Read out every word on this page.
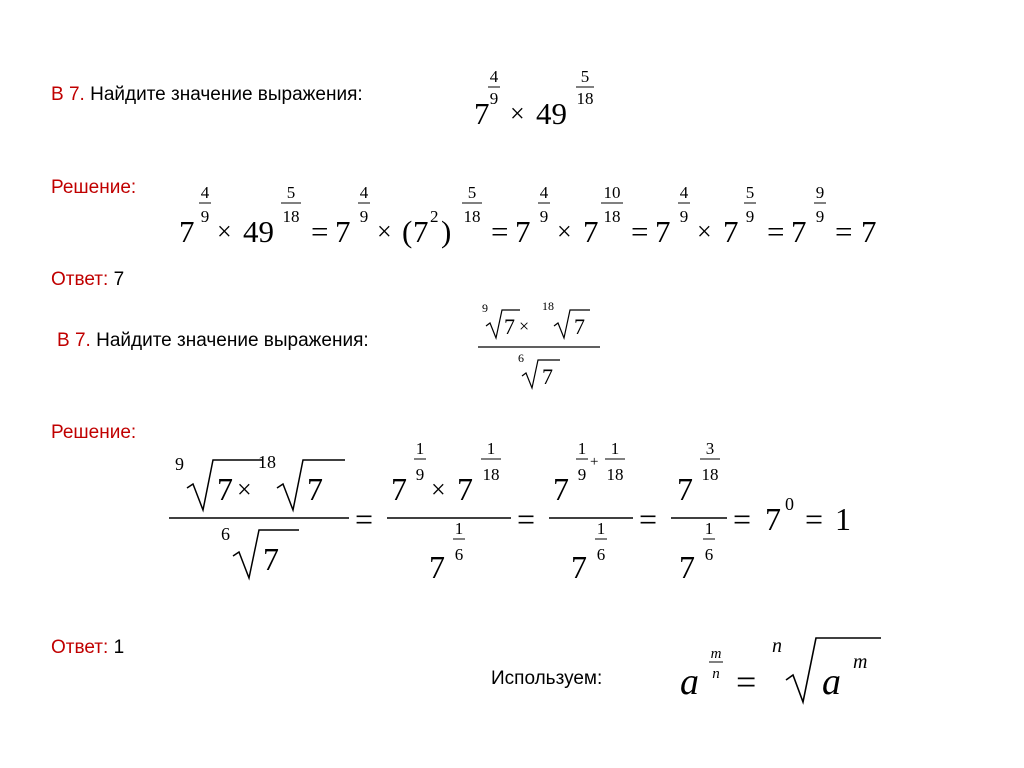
В 7. Найдите значение выражения:
7
4
9
× 49
5
18
Решение:
7
4
9
× 49
5
18 = 7
4
9
× ( 7 2 )
5
18 = 7
4
9
× 7
10
18 = 7
4
9
× 7
5
9 = 7
9
9 = 7
Ответ: 7
В 7. Найдите значение выражения:
9
7 ×
18
7
6
7
Решение:
9
7 ×
18
7
6
7
=
7
1
9
× 7
1
18
7
1
6
=
7
1
9
+
1
18
7
1
6
=
7
3
18
7
1
6
= 7 0 = 1
Ответ: 1
Используем: a
m
n =
n
a m
